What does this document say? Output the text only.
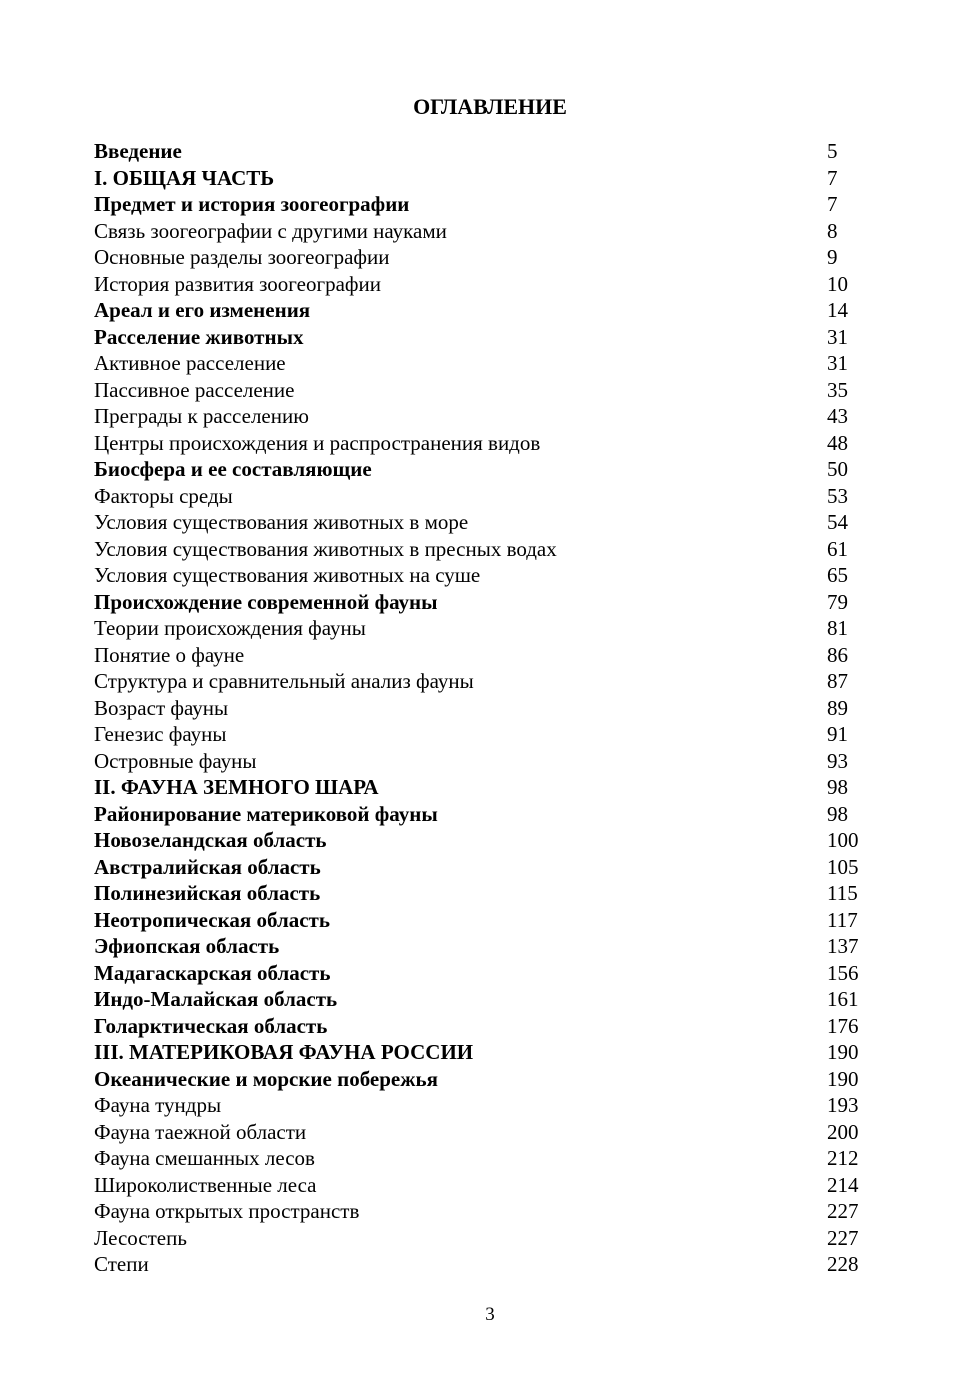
ОГЛАВЛЕНИЕ
Введение	5
I. ОБЩАЯ ЧАСТЬ	7
Предмет и история зоогеографии	7
Связь зоогеографии с другими науками	8
Основные разделы зоогеографии	9
История развития зоогеографии	10
Ареал и его изменения	14
Расселение животных	31
Активное расселение	31
Пассивное расселение	35
Преграды к расселению	43
Центры происхождения и распространения видов	48
Биосфера и ее составляющие	50
Факторы среды	53
Условия существования животных в море	54
Условия существования животных в пресных водах	61
Условия существования животных на суше	65
Происхождение современной фауны	79
Теории происхождения фауны	81
Понятие о фауне	86
Структура и сравнительный анализ фауны	87
Возраст фауны	89
Генезис фауны	91
Островные фауны	93
II. ФАУНА ЗЕМНОГО ШАРА	98
Районирование материковой фауны	98
Новозеландская область	100
Австралийская область	105
Полинезийская область	115
Неотропическая область	117
Эфиопская область	137
Мадагаскарская область	156
Индо-Малайская область	161
Голарктическая область	176
III. МАТЕРИКОВАЯ ФАУНА РОССИИ	190
Океанические и морские побережья	190
Фауна тундры	193
Фауна таежной области	200
Фауна смешанных лесов	212
Широколиственные леса	214
Фауна открытых пространств	227
Лесостепь	227
Степи	228
3
